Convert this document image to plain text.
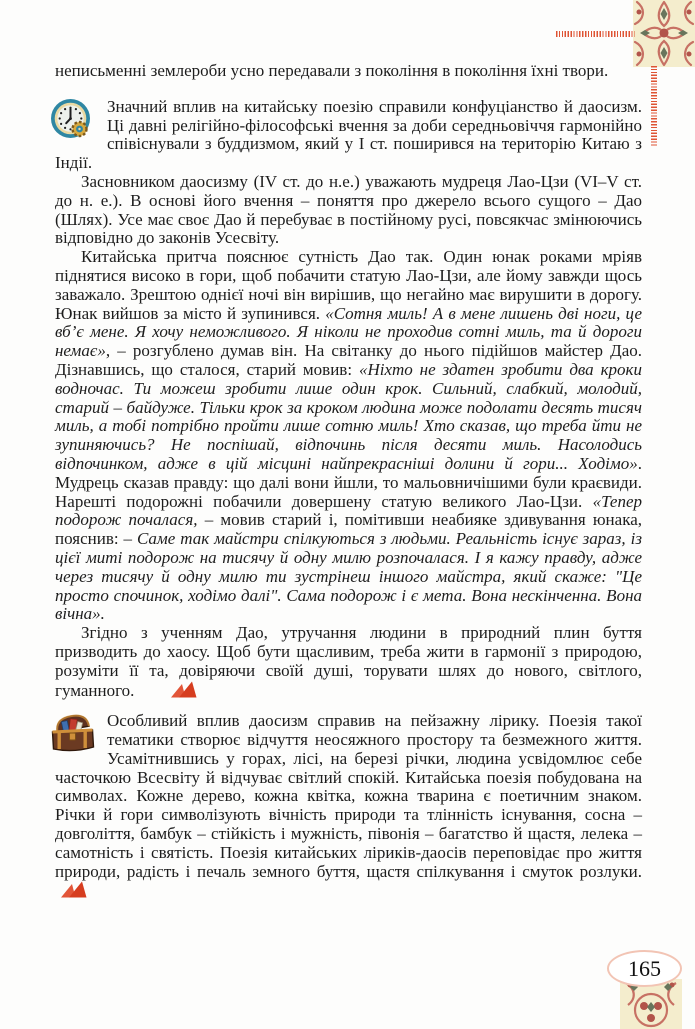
неписьменні землероби усно передавали з покоління в покоління їхні твори.

Значний вплив на китайську поезію справили конфуціанство й даосизм. Ці давні релігійно-філософські вчення за доби середньовіччя гармонійно співіснували з буддизмом, який у І ст. поширився на територію Китаю з Індії.

Засновником даосизму (IV ст. до н.е.) уважають мудреця Лао-Цзи (VI–V ст. до н. е.). В основі його вчення – поняття про джерело всього сущого – Дао (Шлях). Усе має своє Дао й перебуває в постійному русі, повсякчас змінюючись відповідно до законів Усесвіту.

Китайська притча пояснює сутність Дао так. Один юнак роками мріяв піднятися високо в гори, щоб побачити статую Лао-Цзи, але йому завжди щось заважало. Зрештою однієї ночі він вирішив, що негайно має вирушити в дорогу. Юнак вийшов за місто й зупинився. «Сотня миль! А в мене лишень дві ноги, це вб’є мене. Я хочу неможливого. Я ніколи не проходив сотні миль, та й дороги немає», – розгублено думав він. На світанку до нього підійшов майстер Дао. Дізнавшись, що сталося, старий мовив: «Ніхто не здатен зробити два кроки водночас. Ти можеш зробити лише один крок. Сильний, слабкий, молодий, старий – байдуже. Тільки крок за кроком людина може подолати десять тисяч миль, а тобі потрібно пройти лише сотню миль! Хто сказав, що треба йти не зупиняючись? Не поспішай, відпочинь після десяти миль. Насолодись відпочинком, адже в цій місцині найпрекрасніші долини й гори... Ходімо». Мудрець сказав правду: що далі вони йшли, то мальовничішими були краєвиди. Нарешті подорожні побачили довершену статую великого Лао-Цзи. «Тепер подорож почалася, – мовив старий і, помітивши неабияке здивування юнака, пояснив: – Саме так майстри спілкуються з людьми. Реальність існує зараз, із цієї миті подорож на тисячу й одну милю розпочалася. І я кажу правду, адже через тисячу й одну милю ти зустрінеш іншого майстра, який скаже: "Це просто спочинок, ходімо далі". Сама подорож і є мета. Вона нескінченна. Вона вічна».

Згідно з ученням Дао, утручання людини в природний плин буття призводить до хаосу. Щоб бути щасливим, треба жити в гармонії з природою, розуміти її та, довіряючи своїй душі, торувати шлях до нового, світлого, гуманного.

Особливий вплив даосизм справив на пейзажну лірику. Поезія такої тематики створює відчуття неосяжного простору та безмежного життя. Усамітнившись у горах, лісі, на березі річки, людина усвідомлює себе часточкою Всесвіту й відчуває світлий спокій. Китайська поезія побудована на символах. Кожне дерево, кожна квітка, кожна тварина є поетичним знаком. Річки й гори символізують вічність природи та тлінність існування, сосна – довголіття, бамбук – стійкість і мужність, півонія – багатство й щастя, лелека – самотність і святість. Поезія китайських ліриків-даосів переповідає про життя природи, радість і печаль земного буття, щастя спілкування і смуток розлуки.

165
